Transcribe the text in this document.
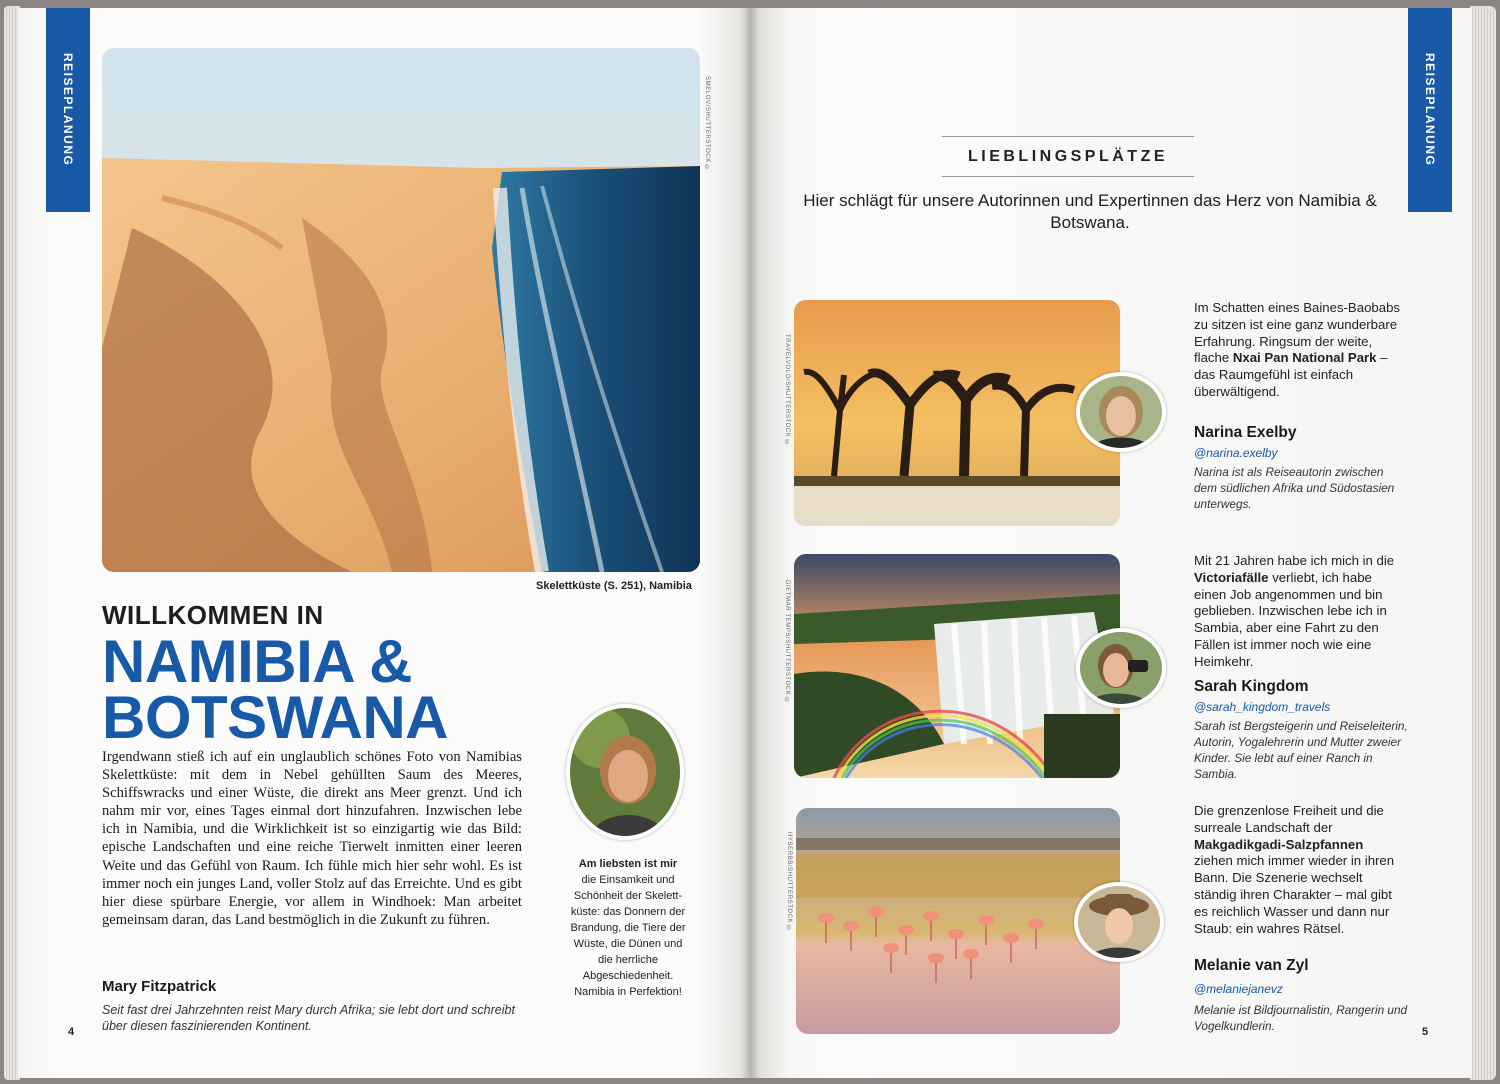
REISEPLANUNG	REISEPLANUNG
SMELOV/SHUTTERSTOCK ©
Skelettküste (S. 251), Namibia
WILLKOMMEN IN
NAMIBIA &
BOTSWANA
Irgendwann stieß ich auf ein unglaublich schönes Foto von Namibias Skelettküste: mit dem in Nebel gehüllten Saum des Meeres, Schiffswracks und einer Wüste, die direkt ans Meer grenzt. Und ich nahm mir vor, eines Tages einmal dort hinzufahren. Inzwischen lebe ich in Namibia, und die Wirklichkeit ist so einzigartig wie das Bild: epische Landschaften und eine reiche Tierwelt inmitten einer leeren Weite und das Gefühl von Raum. Ich fühle mich hier sehr wohl. Es ist immer noch ein junges Land, voller Stolz auf das Erreichte. Und es gibt hier diese spürbare Energie, vor allem in Windhoek: Man arbeitet gemeinsam daran, das Land bestmöglich in die Zukunft zu führen.
Mary Fitzpatrick
Seit fast drei Jahrzehnten reist Mary durch Afrika; sie lebt dort und schreibt über diesen faszinierenden Kontinent.
Am liebsten ist mir
die Einsamkeit und Schönheit der Skelettküste: das Donnern der Brandung, die Tiere der Wüste, die Dünen und die herrliche Abgeschiedenheit. Namibia in Perfektion!
4
LIEBLINGSPLÄTZE
Hier schlägt für unsere Autorinnen und Expertinnen das Herz von Namibia & Botswana.
TRAVELVOLO/SHUTTERSTOCK ©
Im Schatten eines Baines-Baobabs zu sitzen ist eine ganz wunderbare Erfahrung. Ringsum der weite, flache Nxai Pan National Park – das Raumgefühl ist einfach überwältigend.
Narina Exelby
@narina.exelby
Narina ist als Reiseautorin zwischen dem südlichen Afrika und Südostasien unterwegs.
DIETMAR TEMPS/SHUTTERSTOCK ©
Mit 21 Jahren habe ich mich in die Victoriafälle verliebt, ich habe einen Job angenommen und bin geblieben. Inzwischen lebe ich in Sambia, aber eine Fahrt zu den Fällen ist immer noch wie eine Heimkehr.
Sarah Kingdom
@sarah_kingdom_travels
Sarah ist Bergsteigerin und Reiseleiterin, Autorin, Yogalehrerin und Mutter zweier Kinder. Sie lebt auf einer Ranch in Sambia.
HYSERBB/SHUTTERSTOCK ©
Die grenzenlose Freiheit und die surreale Landschaft der Makgadikgadi-Salzpfannen ziehen mich immer wieder in ihren Bann. Die Szenerie wechselt ständig ihren Charakter – mal gibt es reichlich Wasser und dann nur Staub: ein wahres Rätsel.
Melanie van Zyl
@melaniejanevz
Melanie ist Bildjournalistin, Rangerin und Vogelkundlerin.	5
